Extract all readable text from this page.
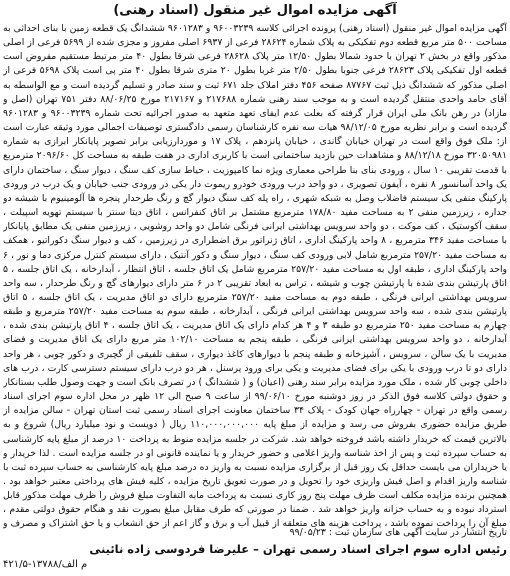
آگهی مزایده اموال غیر منقول (اسناد رهنی)

آگهی مزایده اموال غیر منقول (اسناد رهنی) پرونده اجرائی کلاسه ۹۶۰۰۳۲۳۹ و ۹۶۰۱۲۸۳ ششدانگ یک قطعه زمین با بنای احداثی به مساحت ۵۰۰ متر مربع قطعه دوم تفکیکی به پلاک شماره ۲۸۶۲۴ فرعی از ۶۹۳۷ اصلی مفروز و مجزی شده از ۵۶۹۹ فرعی از اصلی مذکور واقع در بخش ۲ تهران با حدود شمالا بطول ۱۲/۵۰ متر پلاک ۲۸۶۲۸ فرعی شرقا بطول ۴۰ متر مرتبط مستقیم مفروض است قطعه اول تفکیکی پلاک ۲۸۶۲۳ فرعی جنوبا بطول ۲/۵۰ متر غربا بطول ۲۰ متری شرقا بطول ۴۰ متر پی است پلاک ۵۶۹۸ فرعی از اصلی مذکور که ششدانگ ذیل ثبت ۸۷۷۶۷ صفحه ۴۵۶ دفتر املاک جلد ۶۷۱ ثبت و سند صادر و تسلیم گردیده است و مع الواسطه به آقای حامد واحدی منتقل گردیده است و به موجب سند رهنی شماره ۲۱۷۶۸۸ و ۲۱۷۱۶۷ مورخ ۸۸/۰۶/۲۵ دفتر ۷۵۱ تهران (اصل و مازاد) در رهن بانک ملی ایران قرار گرفته که بعلت عدم ایفای تعهد متعهد به صدور اجرائیه تحت شماره ۹۶۰۰۳۲۳۹ و ۹۶۰۱۲۸۳ گردیده است و برابر نظریه مورخ ۹۸/۱۲/۰۵ هیات سه نفره کارشناسان رسمی دادگستری توصیفات اجمالی مورد وثیقه عبارت است از: ملک فوق واقع است در تهران خیابان گاندی ، خیابان پانزدهم ، پلاک ۱۷ و موردارزیابی برابر تصویر پایانکار ابرازی به شماره ۳۲۰۵۰۹۸۱ مورخ ۸۸/۱۲/۱۸ و مشاهدات حین بازدید ساختمانی است با کاربری اداری در هفت طبقه به مساحت کل ۲۰۹۶/۶۰ مترمربع با قدمت تقریبی ۱۰ سال ، ورودی بنای بنا طراحی معماری ویژه نما کامپوزیت ، حیاط سازی کف سنگ ، دیوار سنگ ، ساختمان دارای یک واحد آسانسور ۸ نفره ، آیفون تصویری ، دو واحد درب ورودی خودرو ریموت دار یکی در ورودی جنب خیابان و یک درب در ورودی پارکینگ منفی یک سیستم فاضلاب وصل به شبکه شهری ، راه پله کف سنگ دیوار گچ و رنگ طرحدار پنجره ها آلومینیوم با شیشه دو جداره ، زیرزمین منفی ۲ به مساحت مفید ۱۷۸/۸۰ مترمربع مشتمل بر اتاق کنفرانس ، اتاق دیتا سنتر با سیستم تهویه اسپیلت ، سقف آکوستیک ، کف موکت ، دو واحد سرویس بهداشتی ایرانی فرنگی شامل دو واحد روشویی ، زیرزمین منفی یک مطابق پایانکار با مساحت مفید ۳۴۶ مترمربع ، ۸ واحد پارکینگ اداری ، اتاق ژنراتور برق اضطراری در زیرزمین ، کف و دیوار سنگ دکوراتیو ، همکف به مساحت مفید ۲۵۷/۲۰ مترمربع شامل لابی ورودی کف سنگ ، دیوار سنگ و دکور آنتیک ، دارای سیستم کنترل مرکزی دما و نور ، ۶ واحد پارکینگ اداری ، طبقه اول به مساحت مفید ۲۵۷/۲۰ مترمربع شامل یک اتاق جلسه ، اتاق انتظار ، آبدارخانه ، یک اتاق جلسه ، ۵ اتاق پارتیشن بندی شده با پارتیشن چوب و شیشه ، تراس به ابعاد تقریبی ۲ در ۶ متر دارای دیوارهای گچ و رنگ طرحدار ، سه واحد سرویس بهداشتی ایرانی فرنگی ، طبقه دوم به مساحت مفید ۲۵۷/۲۰ مترمربع دارای دو اتاق مدیریت ، یک اتاق جلسه ، ۵ اتاق پارتیشن بندی شده ، سه واحد سرویس بهداشتی ایرانی فرنگی ، آبدارخانه ، طبقه سوم به مساحت مفید ۲۵۷/۲۰ مترمربع و طبقه چهارم به مساحت مفید ۲۵۰ مترمربع دو طبقه ۳ و ۴ هر کدام دارای یک اتاق مدیریت ، یک اتاق جلسه ، ۴ اتاق پارتیشن بندی شده ، آبدارخانه ، دو واحد سرویس بهداشتی ایرانی فرنگی ، طبقه پنجم به مساحت ۱۰۲/۱۰ متر مربع دارای یک اتاق مدیریت و فضای مدیریت با یک سالن ، سرویس ، آشپزخانه و طبقه پنجم با دیوارهای کاغذ دیواری ، سقف تلفیقی از گچبری و دکور چوبی ، هر واحد دارای دو تا درب ورودی با یکی برای فضای مدیریت و یکی برای ورود پرسنل ، هر دو درب دارای سیستم دسترسی کارت ، درب های داخلی چوبی کار شده ، ملک مورد مزایده برابر سند رهنی (اعیان) و ( ششدانگ ) در تصرف بانک است و جهت وصول طلب بستانکار و حقوق دولتی کلاسه فوق الذکر در روز دوشنبه مورخ ۹۹/۰۶/۱۰ از ساعت ۹ صبح الی ۱۲ ظهر در محل اداره سوم اجرای اسناد رسمی واقع در تهران - چهارراه جهان کودک - پلاک ۳۴ ساختمان معاونت اجرای اسناد رسمی ثبت استان تهران - سالن مزایده از طریق مزایده حضوری بفروش می رسد و مزایده از مبلغ پایه ۱۱۰,۰۰۰,۰۰۰,۰۰۰ ریال ( دویست و نود میلیارد ریال) شروع و به بالاترین قیمت که خریدار داشته باشد فروخته خواهد شد. شرکت در جلسه مزایده منوط به پرداخت ۱۰ درصد از مبلغ پایه کارشناسی به حساب سپرده ثبت و پس از اخذ شناسه واریز اعلامی و حضور خریدار و یا نماینده قانونی او در جلسه مزایده است . لذا خریدار و یا خریداران می بایست حداقل یک روز قبل از برگزاری مزایده نسبت به واریز ده درصد مبلغ پایه کارشناسی به حساب سپرده ثبت با شناسه واریز اقدام و اصل فیش واریزی خود را تحویل و در صورت تعویق تاریخ مزایده ، کلیه فیش های پرداختی معتبر خواهد بود . همچنین برنده مزایده مکلف است ظرف مهلت پنج روز کاری نسبت به پرداخت مابه التفاوت مبلغ فروش را ظرف مهلت مذکور قابل استرداد نبوده و به حساب خزانه واریز خواهد شد . ضمنا در صورتی که طرف مقابل مبلغ بصورت نقد و هنگام حقوق دولتی مقدم ، مبلغ آن را پرداخت نموده باشد ، پرداخت هزینه های متعلقه از قبیل آب و برق و گاز اعم از حق انشعاب و یا حق اشتراک و مصرف و

تاریخ انتشار در سایت آگهی های سازمان ثبت : ۹۹/۰۵/۲۳
رئیس اداره سوم اجرای اسناد رسمی تهران – علیرضا فردوسی زاده نائینی
م الف/۱۳۷۸۸-۴۲۱/۵
